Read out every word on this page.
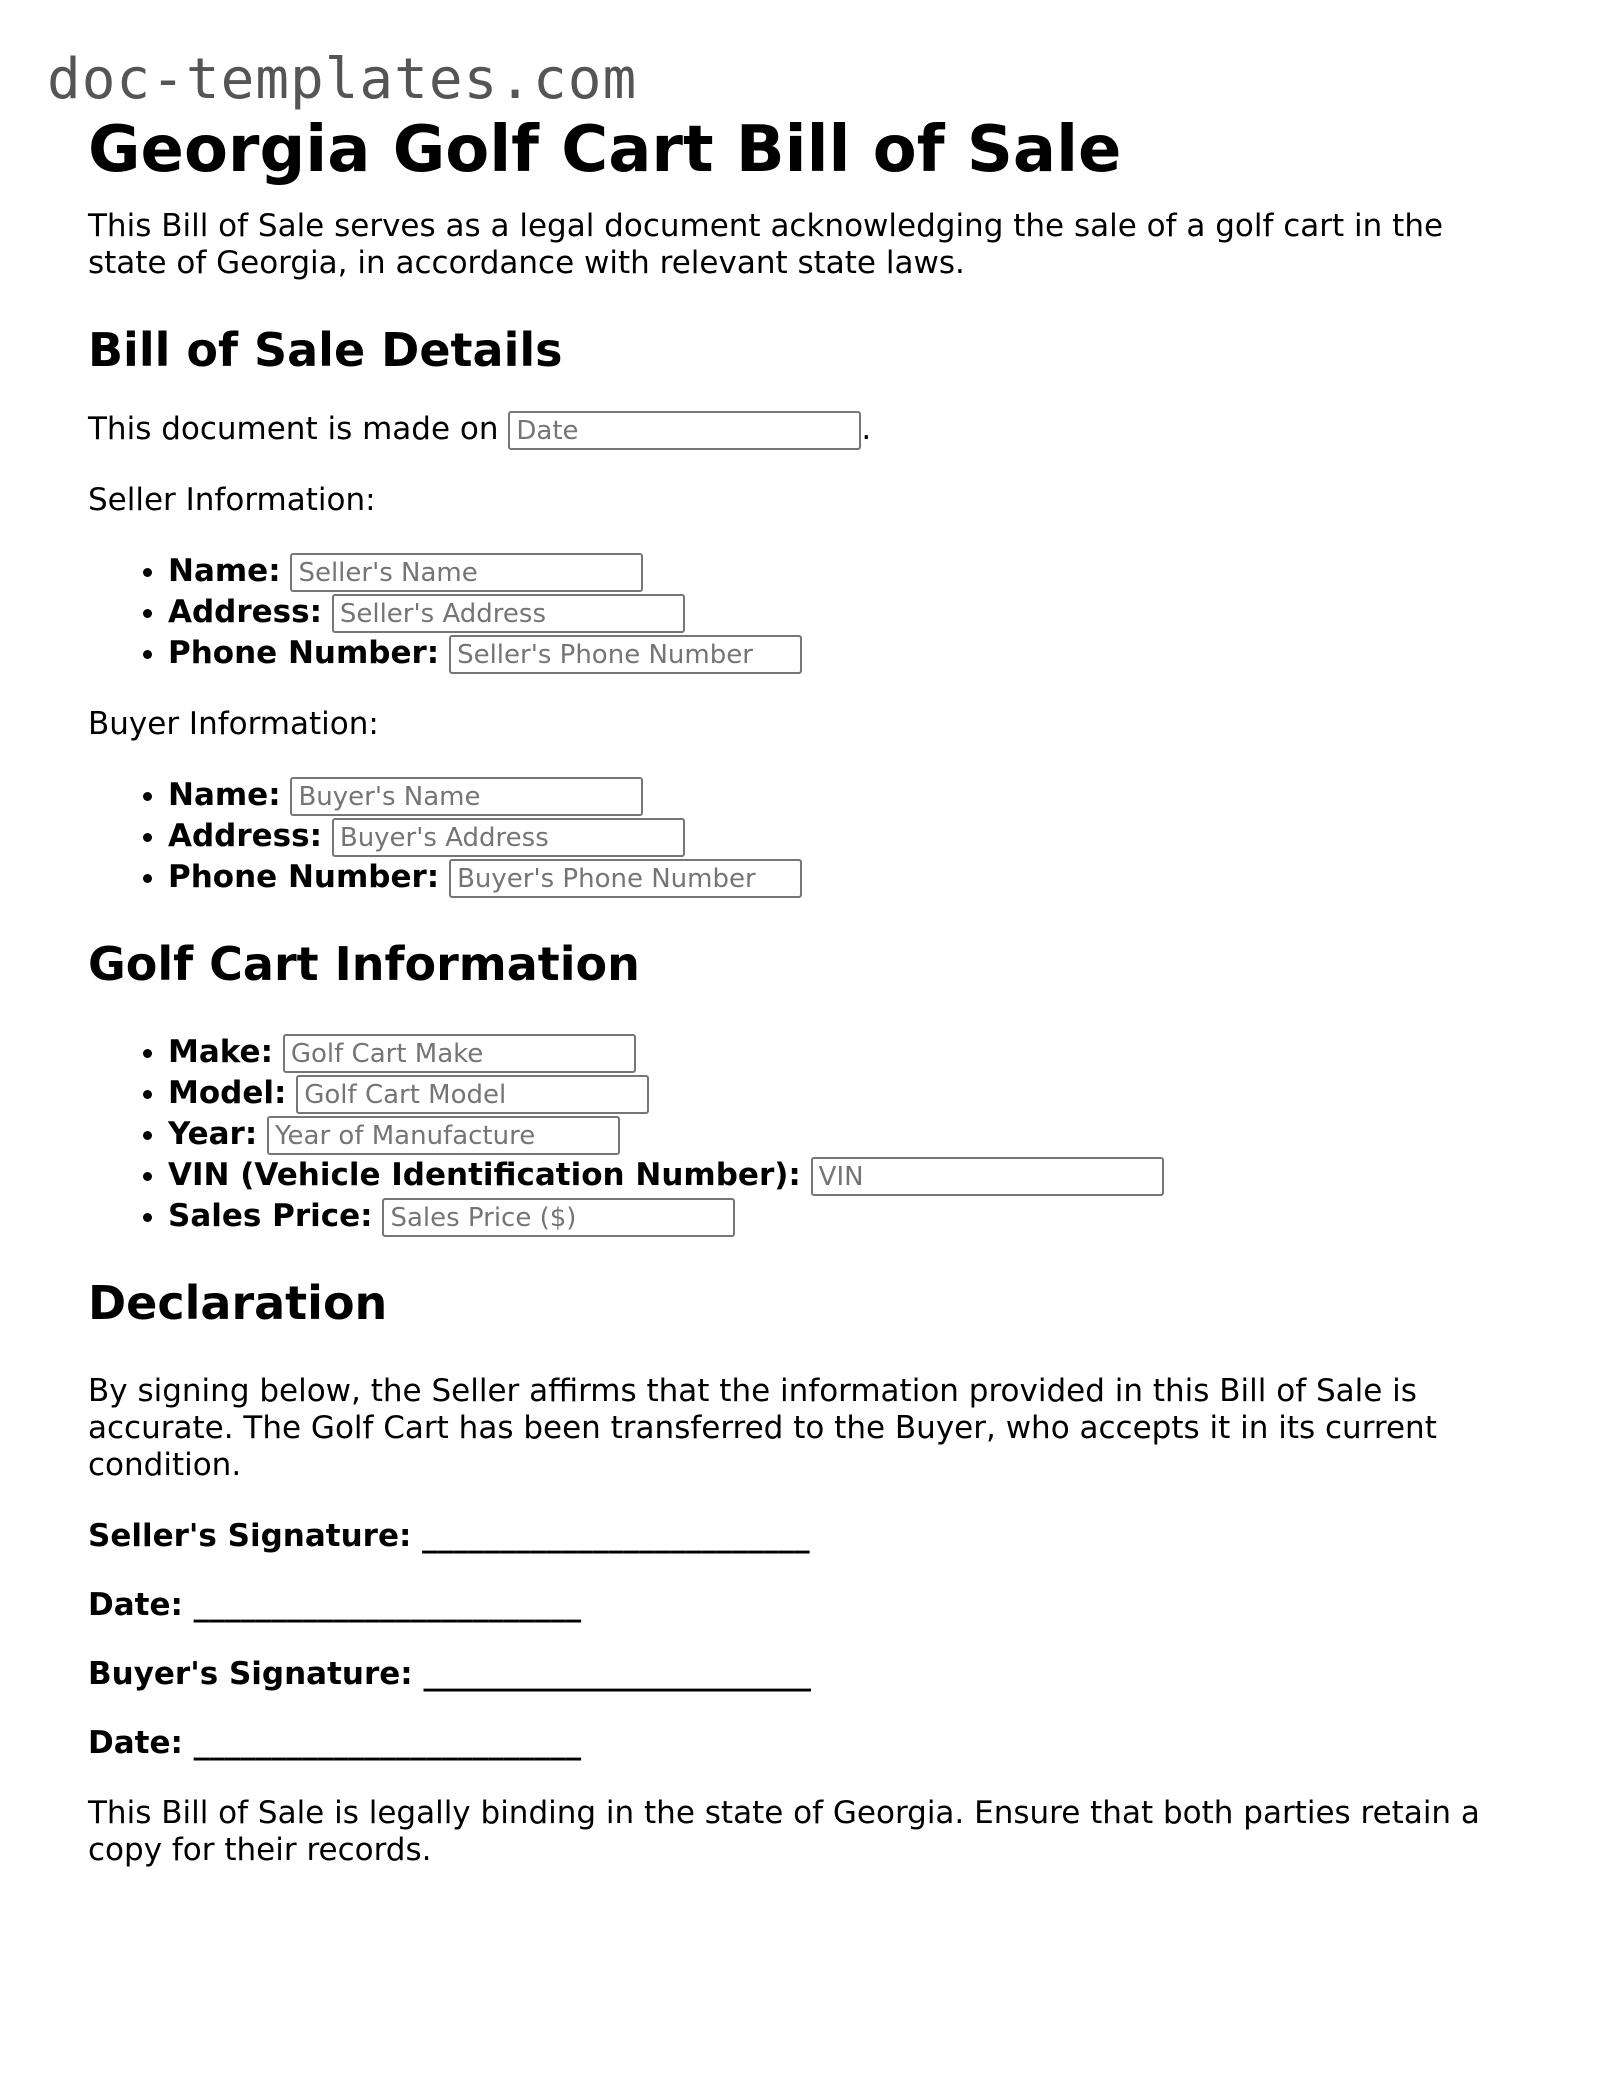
doc-templates.com
Georgia Golf Cart Bill of Sale

This Bill of Sale serves as a legal document acknowledging the sale of a golf cart in the state of Georgia, in accordance with relevant state laws.

Bill of Sale Details

This document is made on Date	.

Seller Information:

• Name: Seller's Name
• Address: Seller's Address
• Phone Number: Seller's Phone Number

Buyer Information:

• Name: Buyer's Name
• Address: Buyer's Address
• Phone Number: Buyer's Phone Number
Golf Cart Information
• Make: Golf Cart Make
• Model: Golf Cart Model
• Year: Year of Manufacture
• VIN (Vehicle Identification Number): VIN
• Sales Price: Sales Price ($)
Declaration

By signing below, the Seller affirms that the information provided in this Bill of Sale is accurate. The Golf Cart has been transferred to the Buyer, who accepts it in its current condition.

Seller's Signature: _________________________

Date: _________________________

Buyer's Signature: _________________________

Date: _________________________

This Bill of Sale is legally binding in the state of Georgia. Ensure that both parties retain a copy for their records.
